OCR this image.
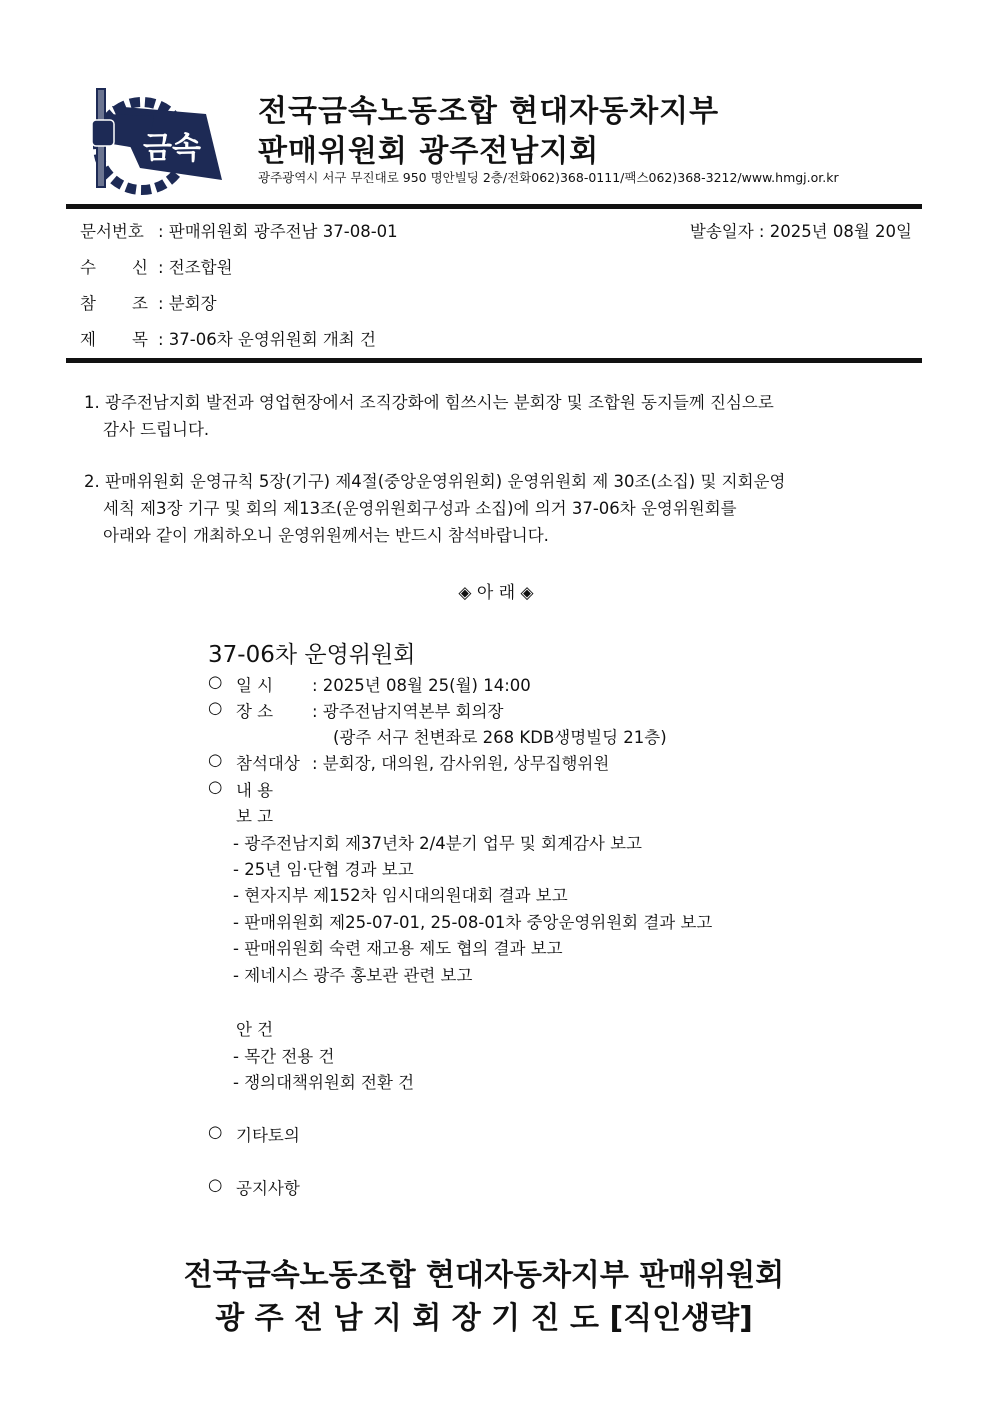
금속
전국금속노동조합 현대자동차지부
판매위원회 광주전남지회
광주광역시 서구 무진대로 950 명안빌딩 2층/전화062)368-0111/팩스062)368-3212/www.hmgj.or.kr
문서번호 : 판매위원회 광주전남 37-08-01	발송일자 : 2025년 08월 20일
수 신 : 전조합원
참 조 : 분회장
제 목 : 37-06차 운영위원회 개최 건
1. 광주전남지회 발전과 영업현장에서 조직강화에 힘쓰시는 분회장 및 조합원 동지들께 진심으로
감사 드립니다.
2. 판매위원회 운영규칙 5장(기구) 제4절(중앙운영위원회) 운영위원회 제 30조(소집) 및 지회운영
세칙 제3장 기구 및 회의 제13조(운영위원회구성과 소집)에 의거 37-06차 운영위원회를
아래와 같이 개최하오니 운영위원께서는 반드시 참석바랍니다.
◈ 아 래 ◈
37-06차 운영위원회
○ 일 시 : 2025년 08월 25(월) 14:00
○ 장 소 : 광주전남지역본부 회의장
(광주 서구 천변좌로 268 KDB생명빌딩 21층)
○ 참석대상 : 분회장, 대의원, 감사위원, 상무집행위원
○ 내 용
보 고
- 광주전남지회 제37년차 2/4분기 업무 및 회계감사 보고
- 25년 임·단협 경과 보고
- 현자지부 제152차 임시대의원대회 결과 보고
- 판매위원회 제25-07-01, 25-08-01차 중앙운영위원회 결과 보고
- 판매위원회 숙련 재고용 제도 협의 결과 보고
- 제네시스 광주 홍보관 관련 보고
안 건
- 목간 전용 건
- 쟁의대책위원회 전환 건
○ 기타토의
○ 공지사항
전국금속노동조합 현대자동차지부 판매위원회
광 주 전 남 지 회 장 기 진 도 [직인생략]
